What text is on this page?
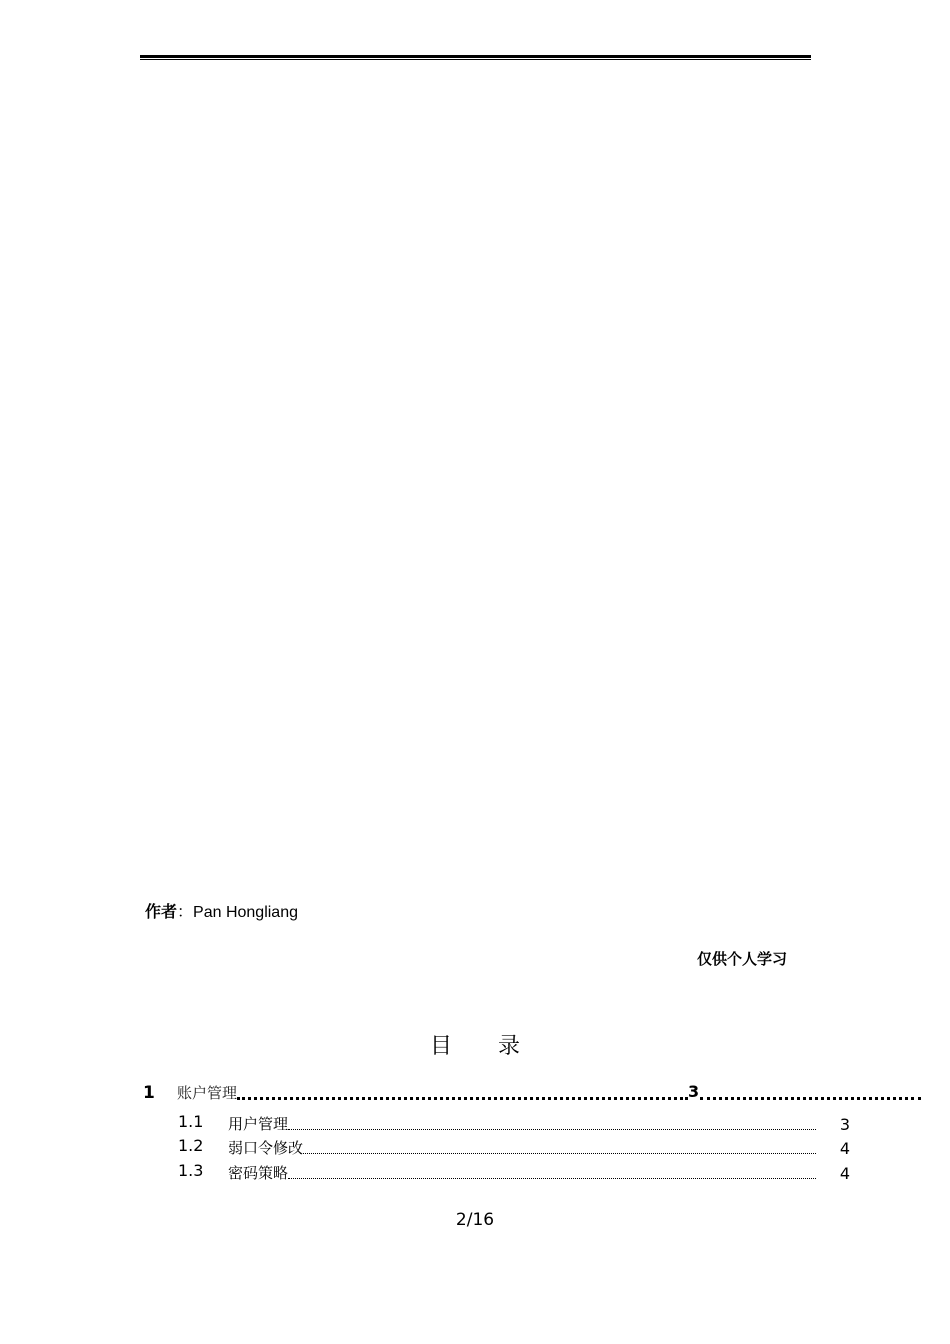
作者：Pan Hongliang
仅供个人学习
目 录
1	账户管理	3
1.1	用户管理	3
1.2	弱口令修改	4
1.3	密码策略	4
2/16
